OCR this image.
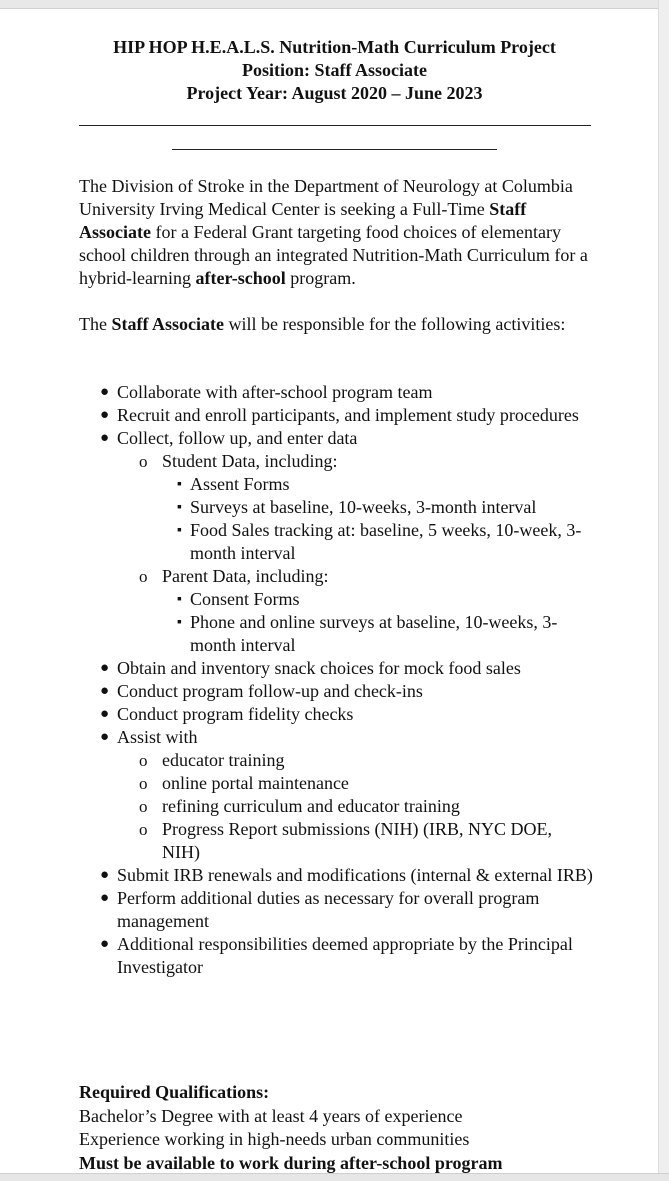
HIP HOP H.E.A.L.S. Nutrition-Math Curriculum Project
Position: Staff Associate
Project Year: August 2020 – June 2023
The Division of Stroke in the Department of Neurology at Columbia University Irving Medical Center is seeking a Full-Time Staff Associate for a Federal Grant targeting food choices of elementary school children through an integrated Nutrition-Math Curriculum for a hybrid-learning after-school program.
The Staff Associate will be responsible for the following activities:
● Collaborate with after-school program team
● Recruit and enroll participants, and implement study procedures
● Collect, follow up, and enter data
o Student Data, including:
▪ Assent Forms
▪ Surveys at baseline, 10-weeks, 3-month interval
▪ Food Sales tracking at: baseline, 5 weeks, 10-week, 3-month interval
o Parent Data, including:
▪ Consent Forms
▪ Phone and online surveys at baseline, 10-weeks, 3-month interval
● Obtain and inventory snack choices for mock food sales
● Conduct program follow-up and check-ins
● Conduct program fidelity checks
● Assist with
o educator training
o online portal maintenance
o refining curriculum and educator training
o Progress Report submissions (NIH) (IRB, NYC DOE, NIH)
● Submit IRB renewals and modifications (internal & external IRB)
● Perform additional duties as necessary for overall program management
● Additional responsibilities deemed appropriate by the Principal Investigator
Required Qualifications:
Bachelor’s Degree with at least 4 years of experience
Experience working in high-needs urban communities
Must be available to work during after-school program
